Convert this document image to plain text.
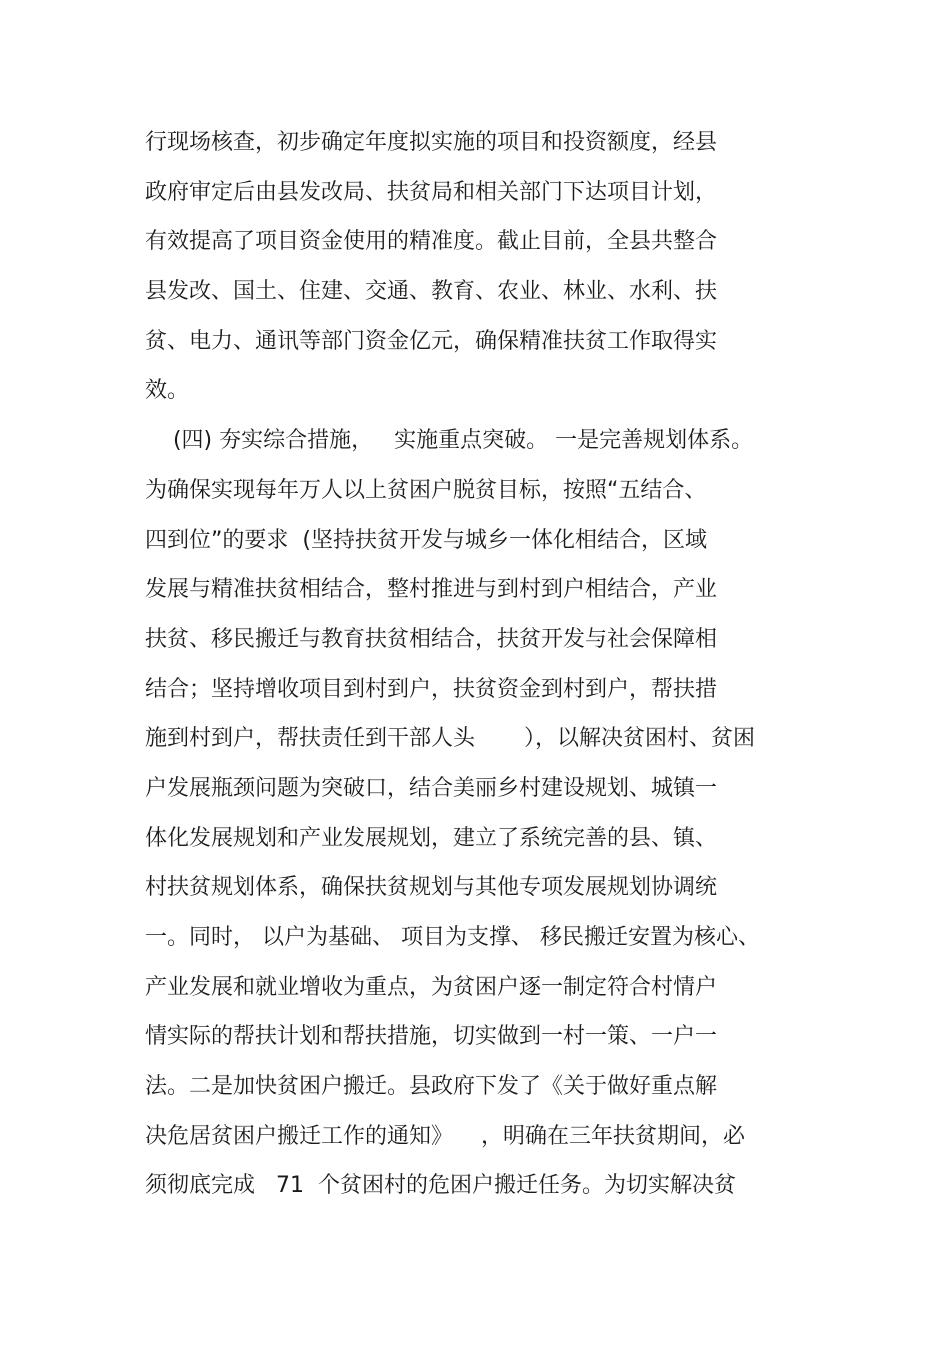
行现场核查，初步确定年度拟实施的项目和投资额度，经县
政府审定后由县发改局、扶贫局和相关部门下达项目计划，
有效提高了项目资金使用的精准度。截止目前，全县共整合
县发改、国土、住建、交通、教育、农业、林业、水利、扶
贫、电力、通讯等部门资金亿元，确保精准扶贫工作取得实
效。
(四) 夯实综合措施，   实施重点突破。 一是完善规划体系。
为确保实现每年万人以上贫困户脱贫目标，按照“五结合、
四到位”的要求  (坚持扶贫开发与城乡一体化相结合，区域
发展与精准扶贫相结合，整村推进与到村到户相结合，产业
扶贫、移民搬迁与教育扶贫相结合，扶贫开发与社会保障相
结合；坚持增收项目到村到户，扶贫资金到村到户，帮扶措
施到村到户，帮扶责任到干部人头       ），以解决贫困村、贫困
户发展瓶颈问题为突破口，结合美丽乡村建设规划、城镇一
体化发展规划和产业发展规划，建立了系统完善的县、镇、
村扶贫规划体系，确保扶贫规划与其他专项发展规划协调统
一。同时， 以户为基础、 项目为支撑、 移民搬迁安置为核心、
产业发展和就业增收为重点，为贫困户逐一制定符合村情户
情实际的帮扶计划和帮扶措施，切实做到一村一策、一户一
法。二是加快贫困户搬迁。县政府下发了《关于做好重点解
决危居贫困户搬迁工作的通知》    ，明确在三年扶贫期间，必
须彻底完成   71  个贫困村的危困户搬迁任务。为切实解决贫
